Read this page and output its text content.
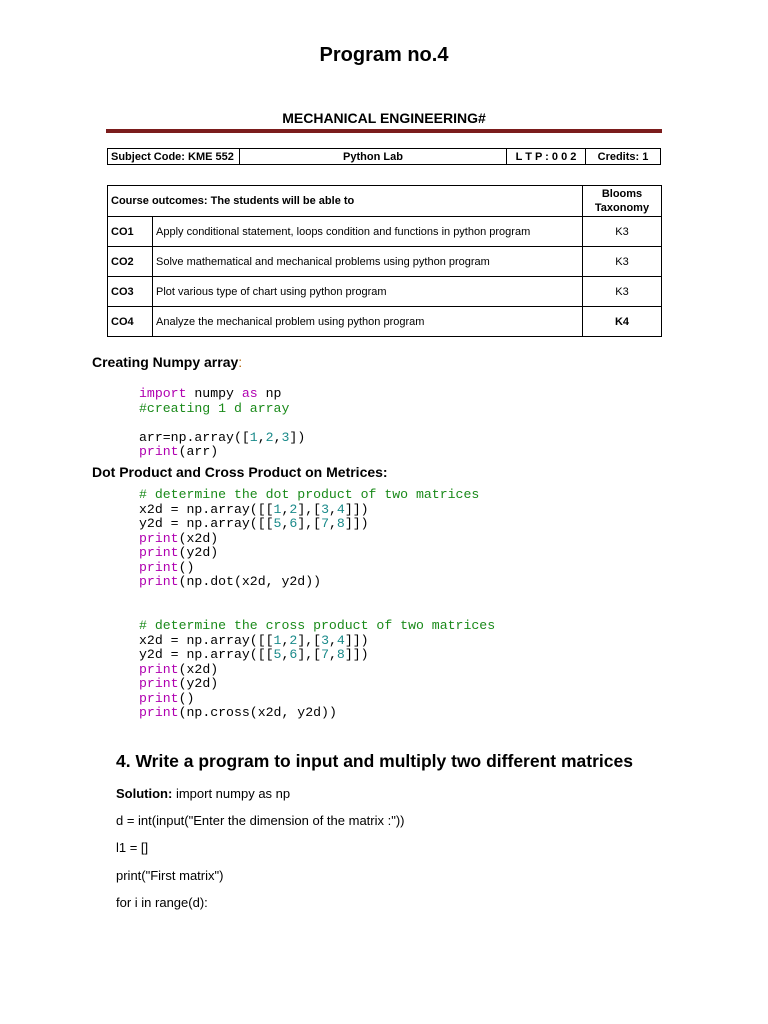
Program no.4
MECHANICAL ENGINEERING#
Subject Code: KME 552	Python Lab	L T P : 0 0 2	Credits: 1
Course outcomes: The students will be able to		Blooms Taxonomy
CO1	Apply conditional statement, loops condition and functions in python program	K3
CO2	Solve mathematical and mechanical problems using python program	K3
CO3	Plot various type of chart using python program	K3
CO4	Analyze the mechanical problem using python program	K4
Creating Numpy array:
import numpy as np
#creating 1 d array

arr=np.array([1,2,3])
print(arr)
Dot Product and Cross Product on Metrices:
# determine the dot product of two matrices
x2d = np.array([[1,2],[3,4]])
y2d = np.array([[5,6],[7,8]])
print(x2d)
print(y2d)
print()
print(np.dot(x2d, y2d))
# determine the cross product of two matrices
x2d = np.array([[1,2],[3,4]])
y2d = np.array([[5,6],[7,8]])
print(x2d)
print(y2d)
print()
print(np.cross(x2d, y2d))
4. Write a program to input and multiply two different matrices
Solution: import numpy as np
d = int(input("Enter the dimension of the matrix :"))
l1 = []
print("First matrix")
for i in range(d):
